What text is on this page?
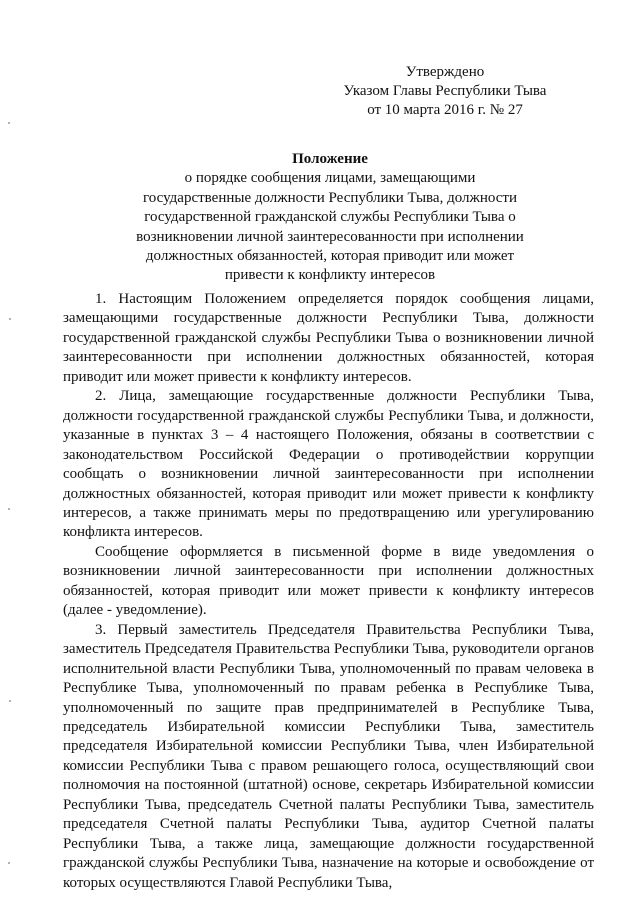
Утверждено
Указом Главы Республики Тыва
от 10 марта 2016 г. № 27
Положение
о порядке сообщения лицами, замещающими
государственные должности Республики Тыва, должности
государственной гражданской службы Республики Тыва о
возникновении личной заинтересованности при исполнении
должностных обязанностей, которая приводит или может
привести к конфликту интересов

1. Настоящим Положением определяется порядок сообщения лицами, замещающими государственные должности Республики Тыва, должности государственной гражданской службы Республики Тыва о возникновении личной заинтересованности при исполнении должностных обязанностей, которая приводит или может привести к конфликту интересов.

2. Лица, замещающие государственные должности Республики Тыва, должности государственной гражданской службы Республики Тыва, и должности, указанные в пунктах 3 – 4 настоящего Положения, обязаны в соответствии с законодательством Российской Федерации о противодействии коррупции сообщать о возникновении личной заинтересованности при исполнении должностных обязанностей, которая приводит или может привести к конфликту интересов, а также принимать меры по предотвращению или урегулированию конфликта интересов.

Сообщение оформляется в письменной форме в виде уведомления о возникновении личной заинтересованности при исполнении должностных обязанностей, которая приводит или может привести к конфликту интересов (далее - уведомление).

3. Первый заместитель Председателя Правительства Республики Тыва, заместитель Председателя Правительства Республики Тыва, руководители органов исполнительной власти Республики Тыва, уполномоченный по правам человека в Республике Тыва, уполномоченный по правам ребенка в Республике Тыва, уполномоченный по защите прав предпринимателей в Республике Тыва, председатель Избирательной комиссии Республики Тыва, заместитель председателя Избирательной комиссии Республики Тыва, член Избирательной комиссии Республики Тыва с правом решающего голоса, осуществляющий свои полномочия на постоянной (штатной) основе, секретарь Избирательной комиссии Республики Тыва, председатель Счетной палаты Республики Тыва, заместитель председателя Счетной палаты Республики Тыва, аудитор Счетной палаты Республики Тыва, а также лица, замещающие должности государственной гражданской службы Республики Тыва, назначение на которые и освобождение от которых осуществляются Главой Республики Тыва,
